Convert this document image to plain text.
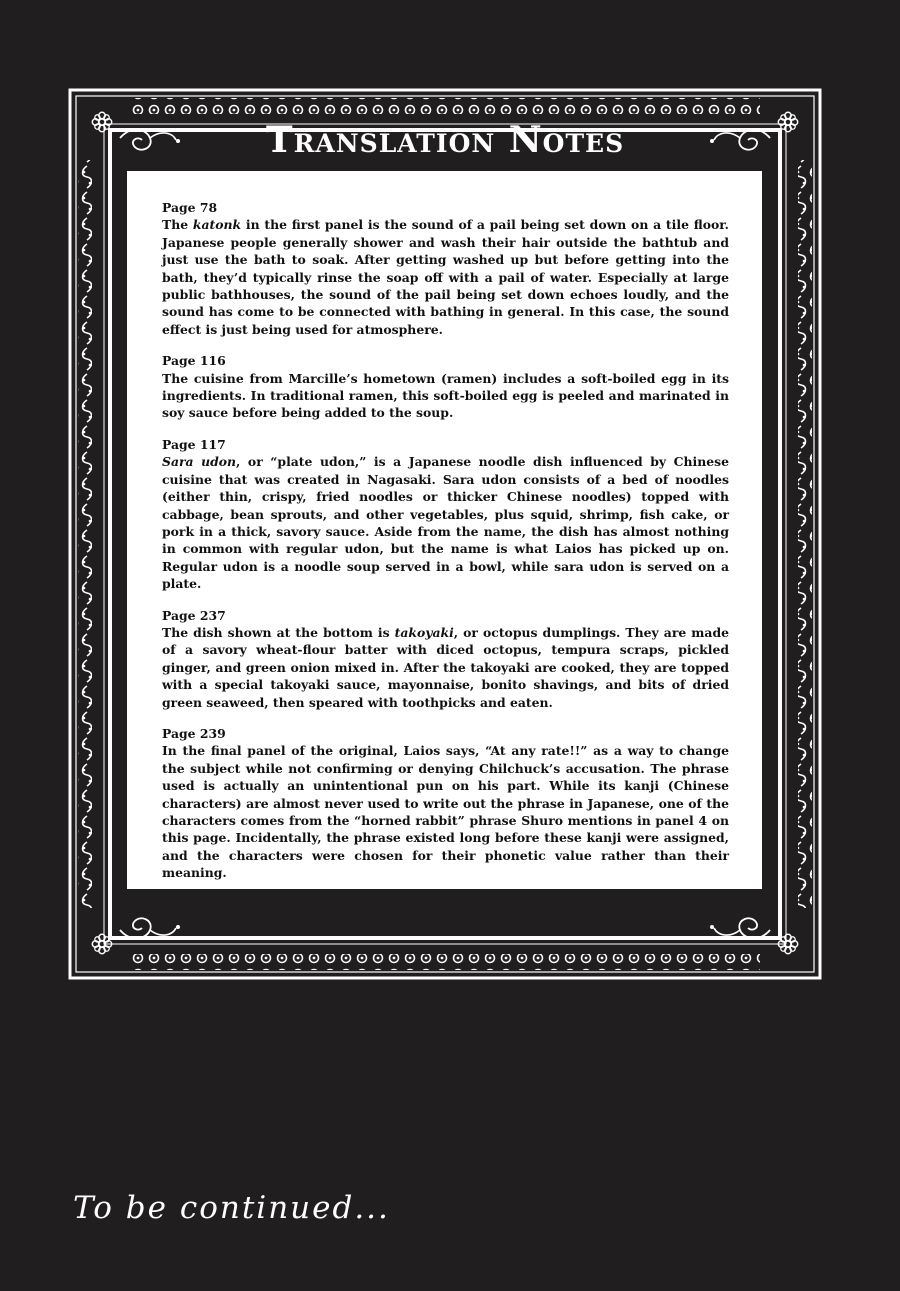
Translation Notes
Page 78
The katonk in the first panel is the sound of a pail being set down on a tile floor. Japanese people generally shower and wash their hair outside the bathtub and just use the bath to soak. After getting washed up but before getting into the bath, they’d typically rinse the soap off with a pail of water. Especially at large public bathhouses, the sound of the pail being set down echoes loudly, and the sound has come to be connected with bathing in general. In this case, the sound effect is just being used for atmosphere.
Page 116
The cuisine from Marcille’s hometown (ramen) includes a soft-boiled egg in its ingredients. In traditional ramen, this soft-boiled egg is peeled and marinated in soy sauce before being added to the soup.
Page 117
Sara udon, or “plate udon,” is a Japanese noodle dish influenced by Chinese cuisine that was created in Nagasaki. Sara udon consists of a bed of noodles (either thin, crispy, fried noodles or thicker Chinese noodles) topped with cabbage, bean sprouts, and other vegetables, plus squid, shrimp, fish cake, or pork in a thick, savory sauce. Aside from the name, the dish has almost nothing in common with regular udon, but the name is what Laios has picked up on. Regular udon is a noodle soup served in a bowl, while sara udon is served on a plate.
Page 237
The dish shown at the bottom is takoyaki, or octopus dumplings. They are made of a savory wheat-flour batter with diced octopus, tempura scraps, pickled ginger, and green onion mixed in. After the takoyaki are cooked, they are topped with a special takoyaki sauce, mayonnaise, bonito shavings, and bits of dried green seaweed, then speared with toothpicks and eaten.
Page 239
In the final panel of the original, Laios says, “At any rate!!” as a way to change the subject while not confirming or denying Chilchuck’s accusation. The phrase used is actually an unintentional pun on his part. While its kanji (Chinese characters) are almost never used to write out the phrase in Japanese, one of the characters comes from the “horned rabbit” phrase Shuro mentions in panel 4 on this page. Incidentally, the phrase existed long before these kanji were assigned, and the characters were chosen for their phonetic value rather than their meaning.
To be continued...
